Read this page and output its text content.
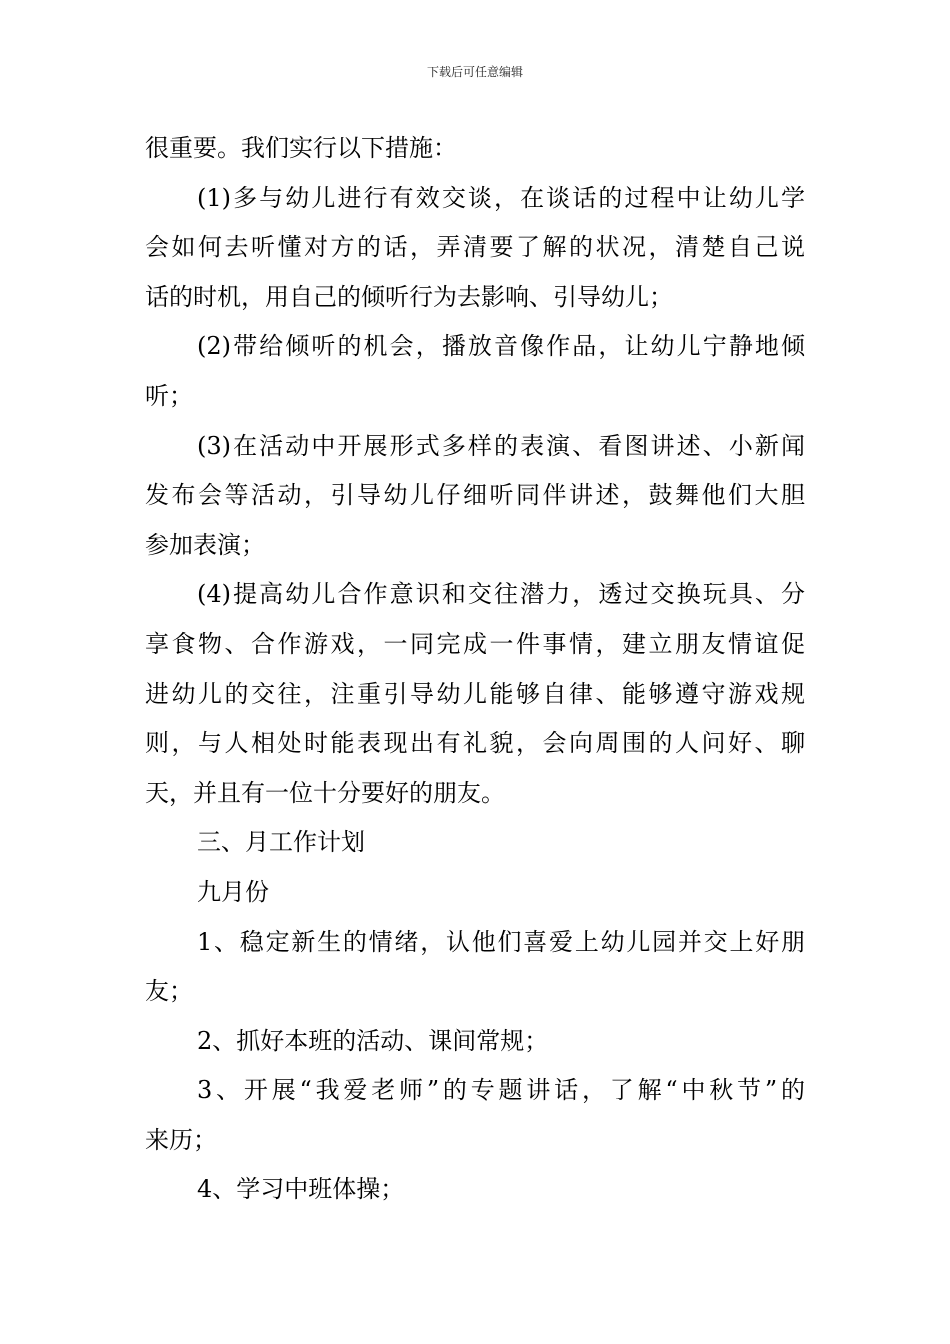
下载后可任意编辑
很重要。我们实行以下措施：
(1)多与幼儿进行有效交谈，在谈话的过程中让幼儿学
会如何去听懂对方的话，弄清要了解的状况，清楚自己说
话的时机，用自己的倾听行为去影响、引导幼儿；
(2)带给倾听的机会，播放音像作品，让幼儿宁静地倾
听；
(3)在活动中开展形式多样的表演、看图讲述、小新闻
发布会等活动，引导幼儿仔细听同伴讲述，鼓舞他们大胆
参加表演；
(4)提高幼儿合作意识和交往潜力，透过交换玩具、分
享食物、合作游戏，一同完成一件事情，建立朋友情谊促
进幼儿的交往，注重引导幼儿能够自律、能够遵守游戏规
则，与人相处时能表现出有礼貌，会向周围的人问好、聊
天，并且有一位十分要好的朋友。
三、月工作计划
九月份
1、稳定新生的情绪，认他们喜爱上幼儿园并交上好朋
友；
2、抓好本班的活动、课间常规；
3、开展“我爱老师”的专题讲话，了解“中秋节”的
来历；
4、学习中班体操；
